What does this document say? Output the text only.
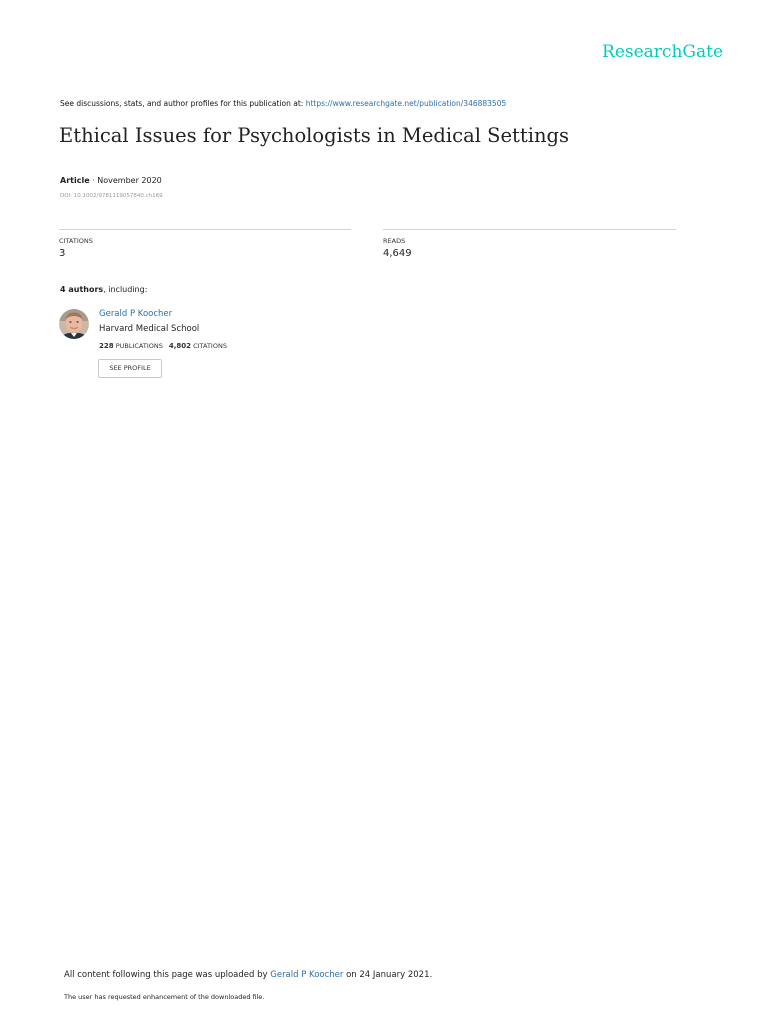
ResearchGate
See discussions, stats, and author profiles for this publication at: https://www.researchgate.net/publication/346883505
Ethical Issues for Psychologists in Medical Settings
Article · November 2020
DOI: 10.1002/9781119057840.ch169
CITATIONS
3
READS
4,649
4 authors, including:
Gerald P Koocher
Harvard Medical School
228 PUBLICATIONS 4,802 CITATIONS
SEE PROFILE
All content following this page was uploaded by Gerald P Koocher on 24 January 2021.
The user has requested enhancement of the downloaded file.
